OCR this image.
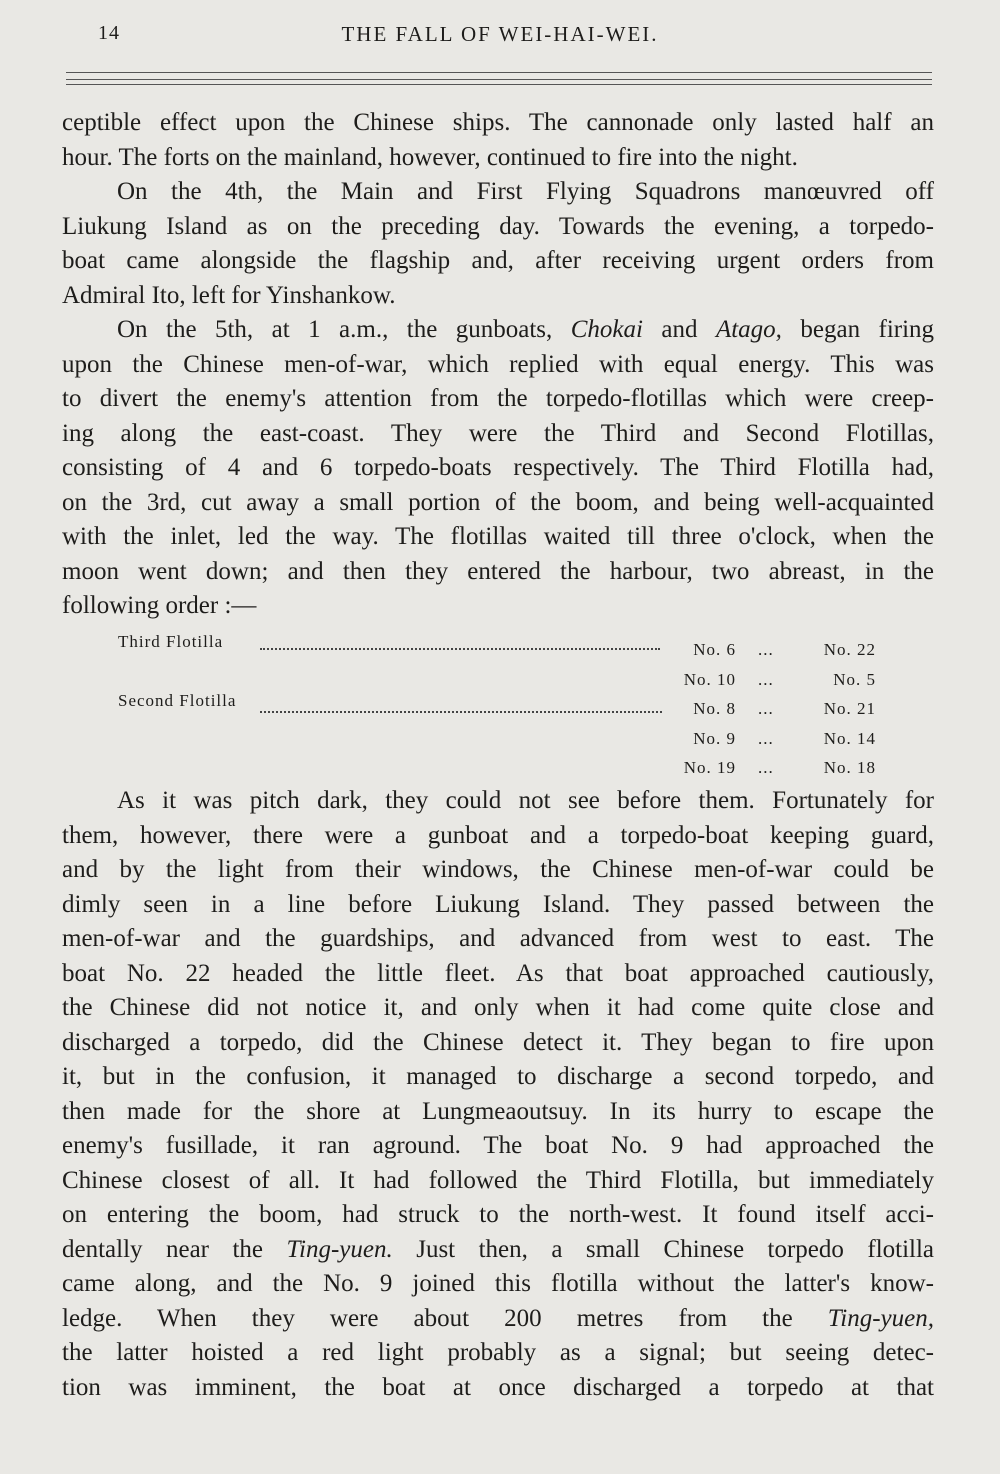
14	THE FALL OF WEI-HAI-WEI.

ceptible effect upon the Chinese ships. The cannonade only lasted half an

hour. The forts on the mainland, however, continued to fire into the night.

On the 4th, the Main and First Flying Squadrons manœuvred off

Liukung Island as on the preceding day. Towards the evening, a torpedo-

boat came alongside the flagship and, after receiving urgent orders from

Admiral Ito, left for Yinshankow.

On the 5th, at 1 a.m., the gunboats, Chokai and Atago, began firing

upon the Chinese men-of-war, which replied with equal energy. This was

to divert the enemy's attention from the torpedo-flotillas which were creep-

ing along the east-coast. They were the Third and Second Flotillas,

consisting of 4 and 6 torpedo-boats respectively. The Third Flotilla had,

on the 3rd, cut away a small portion of the boom, and being well-acquainted

with the inlet, led the way. The flotillas waited till three o'clock, when the

moon went down; and then they entered the harbour, two abreast, in the

following order :—

Third Flotilla	No. 6 ...	No. 22
No. 10 ...	No. 5
Second Flotilla	No. 8 ...	No. 21
No. 9 ...	No. 14
No. 19 ...	No. 18

As it was pitch dark, they could not see before them. Fortunately for

them, however, there were a gunboat and a torpedo-boat keeping guard,

and by the light from their windows, the Chinese men-of-war could be

dimly seen in a line before Liukung Island. They passed between the

men-of-war and the guardships, and advanced from west to east. The

boat No. 22 headed the little fleet. As that boat approached cautiously,

the Chinese did not notice it, and only when it had come quite close and

discharged a torpedo, did the Chinese detect it. They began to fire upon

it, but in the confusion, it managed to discharge a second torpedo, and

then made for the shore at Lungmeaoutsuy. In its hurry to escape the

enemy's fusillade, it ran aground. The boat No. 9 had approached the

Chinese closest of all. It had followed the Third Flotilla, but immediately

on entering the boom, had struck to the north-west. It found itself acci-

dentally near the Ting-yuen. Just then, a small Chinese torpedo flotilla

came along, and the No. 9 joined this flotilla without the latter's know-

ledge. When they were about 200 metres from the Ting-yuen,

the latter hoisted a red light probably as a signal; but seeing detec-

tion was imminent, the boat at once discharged a torpedo at that
